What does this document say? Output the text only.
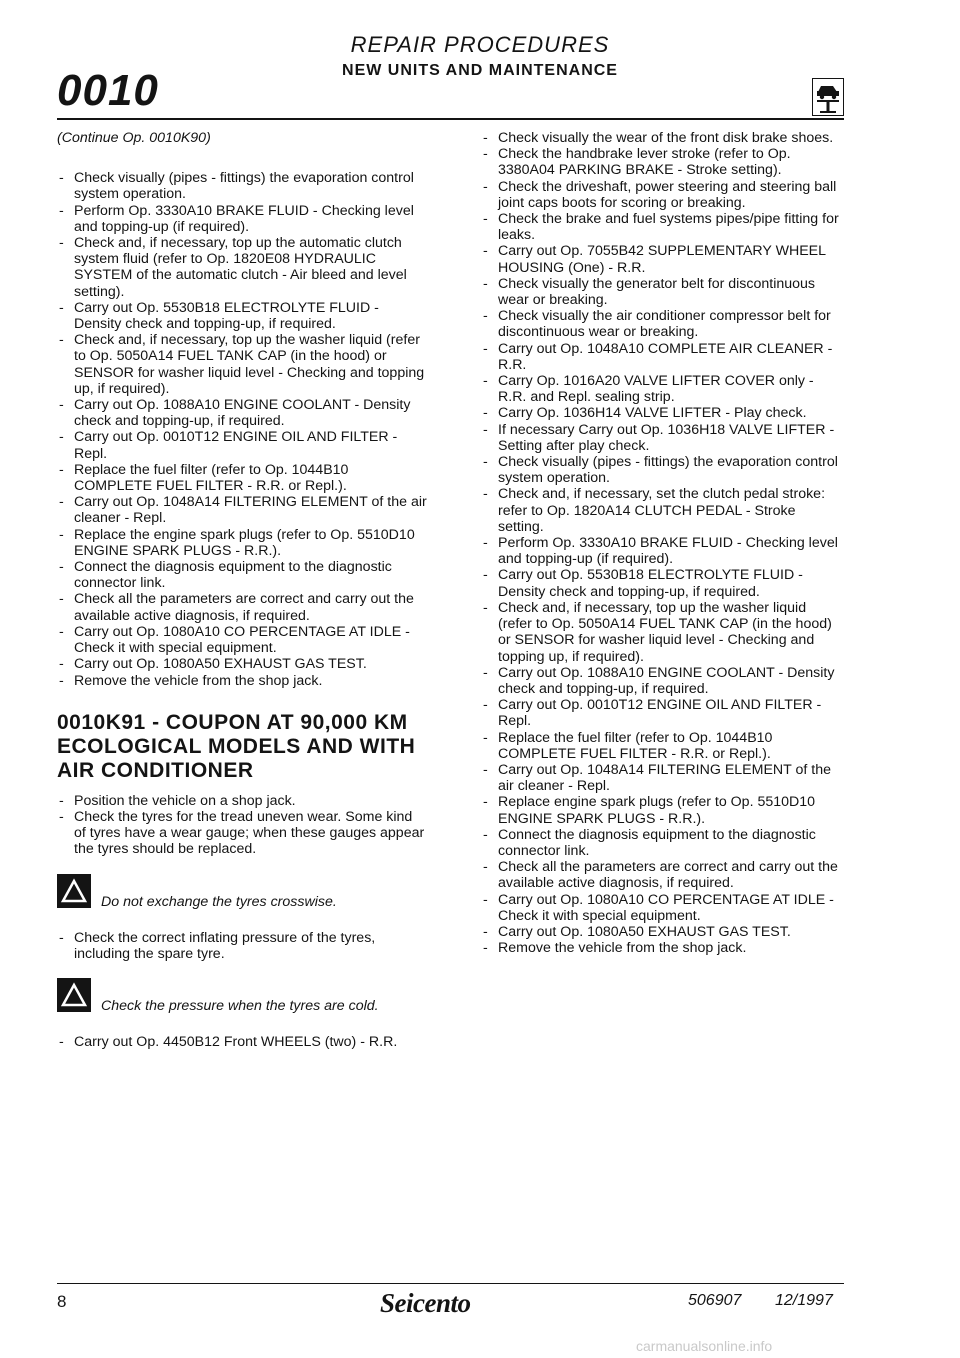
0010
REPAIR PROCEDURES
NEW UNITS AND MAINTENANCE

(Continue Op. 0010K90)

- Check visually (pipes - fittings) the evaporation control system operation.
- Perform Op. 3330A10 BRAKE FLUID - Checking level and topping-up (if required).
- Check and, if necessary, top up the automatic clutch system fluid (refer to Op. 1820E08 HYDRAULIC SYSTEM of the automatic clutch - Air bleed and level setting).
- Carry out Op. 5530B18 ELECTROLYTE FLUID - Density check and topping-up, if required.
- Check and, if necessary, top up the washer liquid (refer to Op. 5050A14 FUEL TANK CAP (in the hood) or SENSOR for washer liquid level - Checking and topping up, if required).
- Carry out Op. 1088A10 ENGINE COOLANT - Density check and topping-up, if required.
- Carry out Op. 0010T12 ENGINE OIL AND FILTER - Repl.
- Replace the fuel filter (refer to Op. 1044B10 COMPLETE FUEL FILTER - R.R. or Repl.).
- Carry out Op. 1048A14 FILTERING ELEMENT of the air cleaner - Repl.
- Replace the engine spark plugs (refer to Op. 5510D10 ENGINE SPARK PLUGS - R.R.).
- Connect the diagnosis equipment to the diagnostic connector link.
- Check all the parameters are correct and carry out the available active diagnosis, if required.
- Carry out Op. 1080A10 CO PERCENTAGE AT IDLE - Check it with special equipment.
- Carry out Op. 1080A50 EXHAUST GAS TEST.
- Remove the vehicle from the shop jack.
0010K91 - COUPON AT 90,000 KM ECOLOGICAL MODELS AND WITH AIR CONDITIONER
- Position the vehicle on a shop jack.
- Check the tyres for the tread uneven wear. Some kind of tyres have a wear gauge; when these gauges appear the tyres should be replaced.
Do not exchange the tyres crosswise.
- Check the correct inflating pressure of the tyres, including the spare tyre.
Check the pressure when the tyres are cold.
- Carry out Op. 4450B12 Front WHEELS (two) - R.R.
- Check visually the wear of the front disk brake shoes.
- Check the handbrake lever stroke (refer to Op. 3380A04 PARKING BRAKE - Stroke setting).
- Check the driveshaft, power steering and steering ball joint caps boots for scoring or breaking.
- Check the brake and fuel systems pipes/pipe fitting for leaks.
- Carry out Op. 7055B42 SUPPLEMENTARY WHEEL HOUSING (One) - R.R.
- Check visually the generator belt for discontinuous wear or breaking.
- Check visually the air conditioner compressor belt for discontinuous wear or breaking.
- Carry out Op. 1048A10 COMPLETE AIR CLEANER - R.R.
- Carry Op. 1016A20 VALVE LIFTER COVER only - R.R. and Repl. sealing strip.
- Carry Op. 1036H14 VALVE LIFTER - Play check.
- If necessary Carry out Op. 1036H18 VALVE LIFTER - Setting after play check.
- Check visually (pipes - fittings) the evaporation control system operation.
- Check and, if necessary, set the clutch pedal stroke: refer to Op. 1820A14 CLUTCH PEDAL - Stroke setting.
- Perform Op. 3330A10 BRAKE FLUID - Checking level and topping-up (if required).
- Carry out Op. 5530B18 ELECTROLYTE FLUID - Density check and topping-up, if required.
- Check and, if necessary, top up the washer liquid (refer to Op. 5050A14 FUEL TANK CAP (in the hood) or SENSOR for washer liquid level - Checking and topping up, if required).
- Carry out Op. 1088A10 ENGINE COOLANT - Density check and topping-up, if required.
- Carry out Op. 0010T12 ENGINE OIL AND FILTER - Repl.
- Replace the fuel filter (refer to Op. 1044B10 COMPLETE FUEL FILTER - R.R. or Repl.).
- Carry out Op. 1048A14 FILTERING ELEMENT of the air cleaner - Repl.
- Replace engine spark plugs (refer to Op. 5510D10 ENGINE SPARK PLUGS - R.R.).
- Connect the diagnosis equipment to the diagnostic connector link.
- Check all the parameters are correct and carry out the available active diagnosis, if required.
- Carry out Op. 1080A10 CO PERCENTAGE AT IDLE - Check it with special equipment.
- Carry out Op. 1080A50 EXHAUST GAS TEST.
- Remove the vehicle from the shop jack.
8	Seicento	506907 12/1997
carmanualsonline.info
